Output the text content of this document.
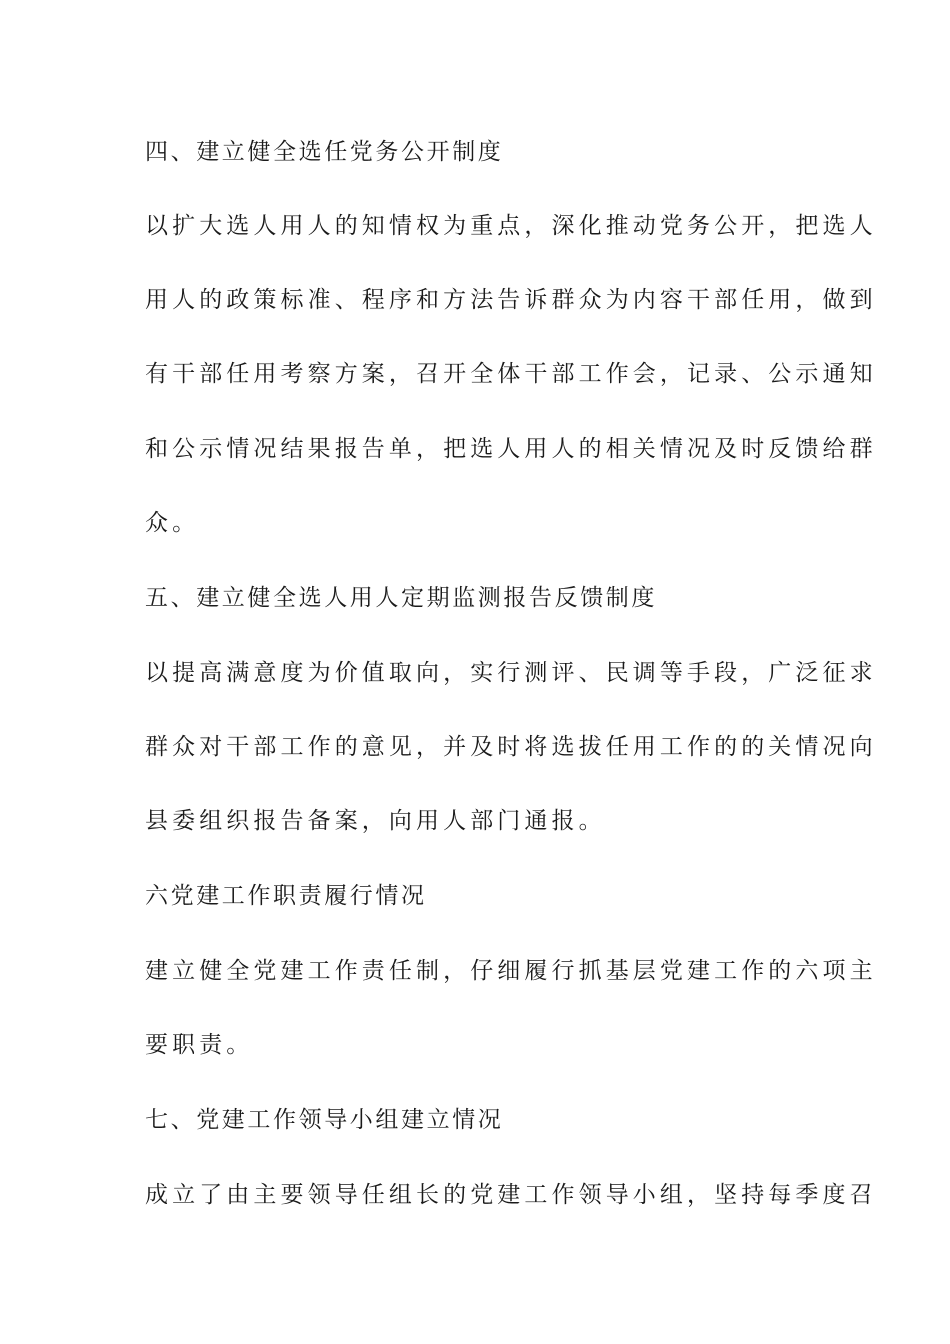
四、建立健全选任党务公开制度

以扩大选人用人的知情权为重点，深化推动党务公开，把选人

用人的政策标准、程序和方法告诉群众为内容干部任用，做到

有干部任用考察方案，召开全体干部工作会，记录、公示通知

和公示情况结果报告单，把选人用人的相关情况及时反馈给群

众。

五、建立健全选人用人定期监测报告反馈制度

以提高满意度为价值取向，实行测评、民调等手段，广泛征求

群众对干部工作的意见，并及时将选拔任用工作的的关情况向

县委组织报告备案，向用人部门通报。

六党建工作职责履行情况

建立健全党建工作责任制，仔细履行抓基层党建工作的六项主

要职责。

七、党建工作领导小组建立情况

成立了由主要领导任组长的党建工作领导小组，坚持每季度召
